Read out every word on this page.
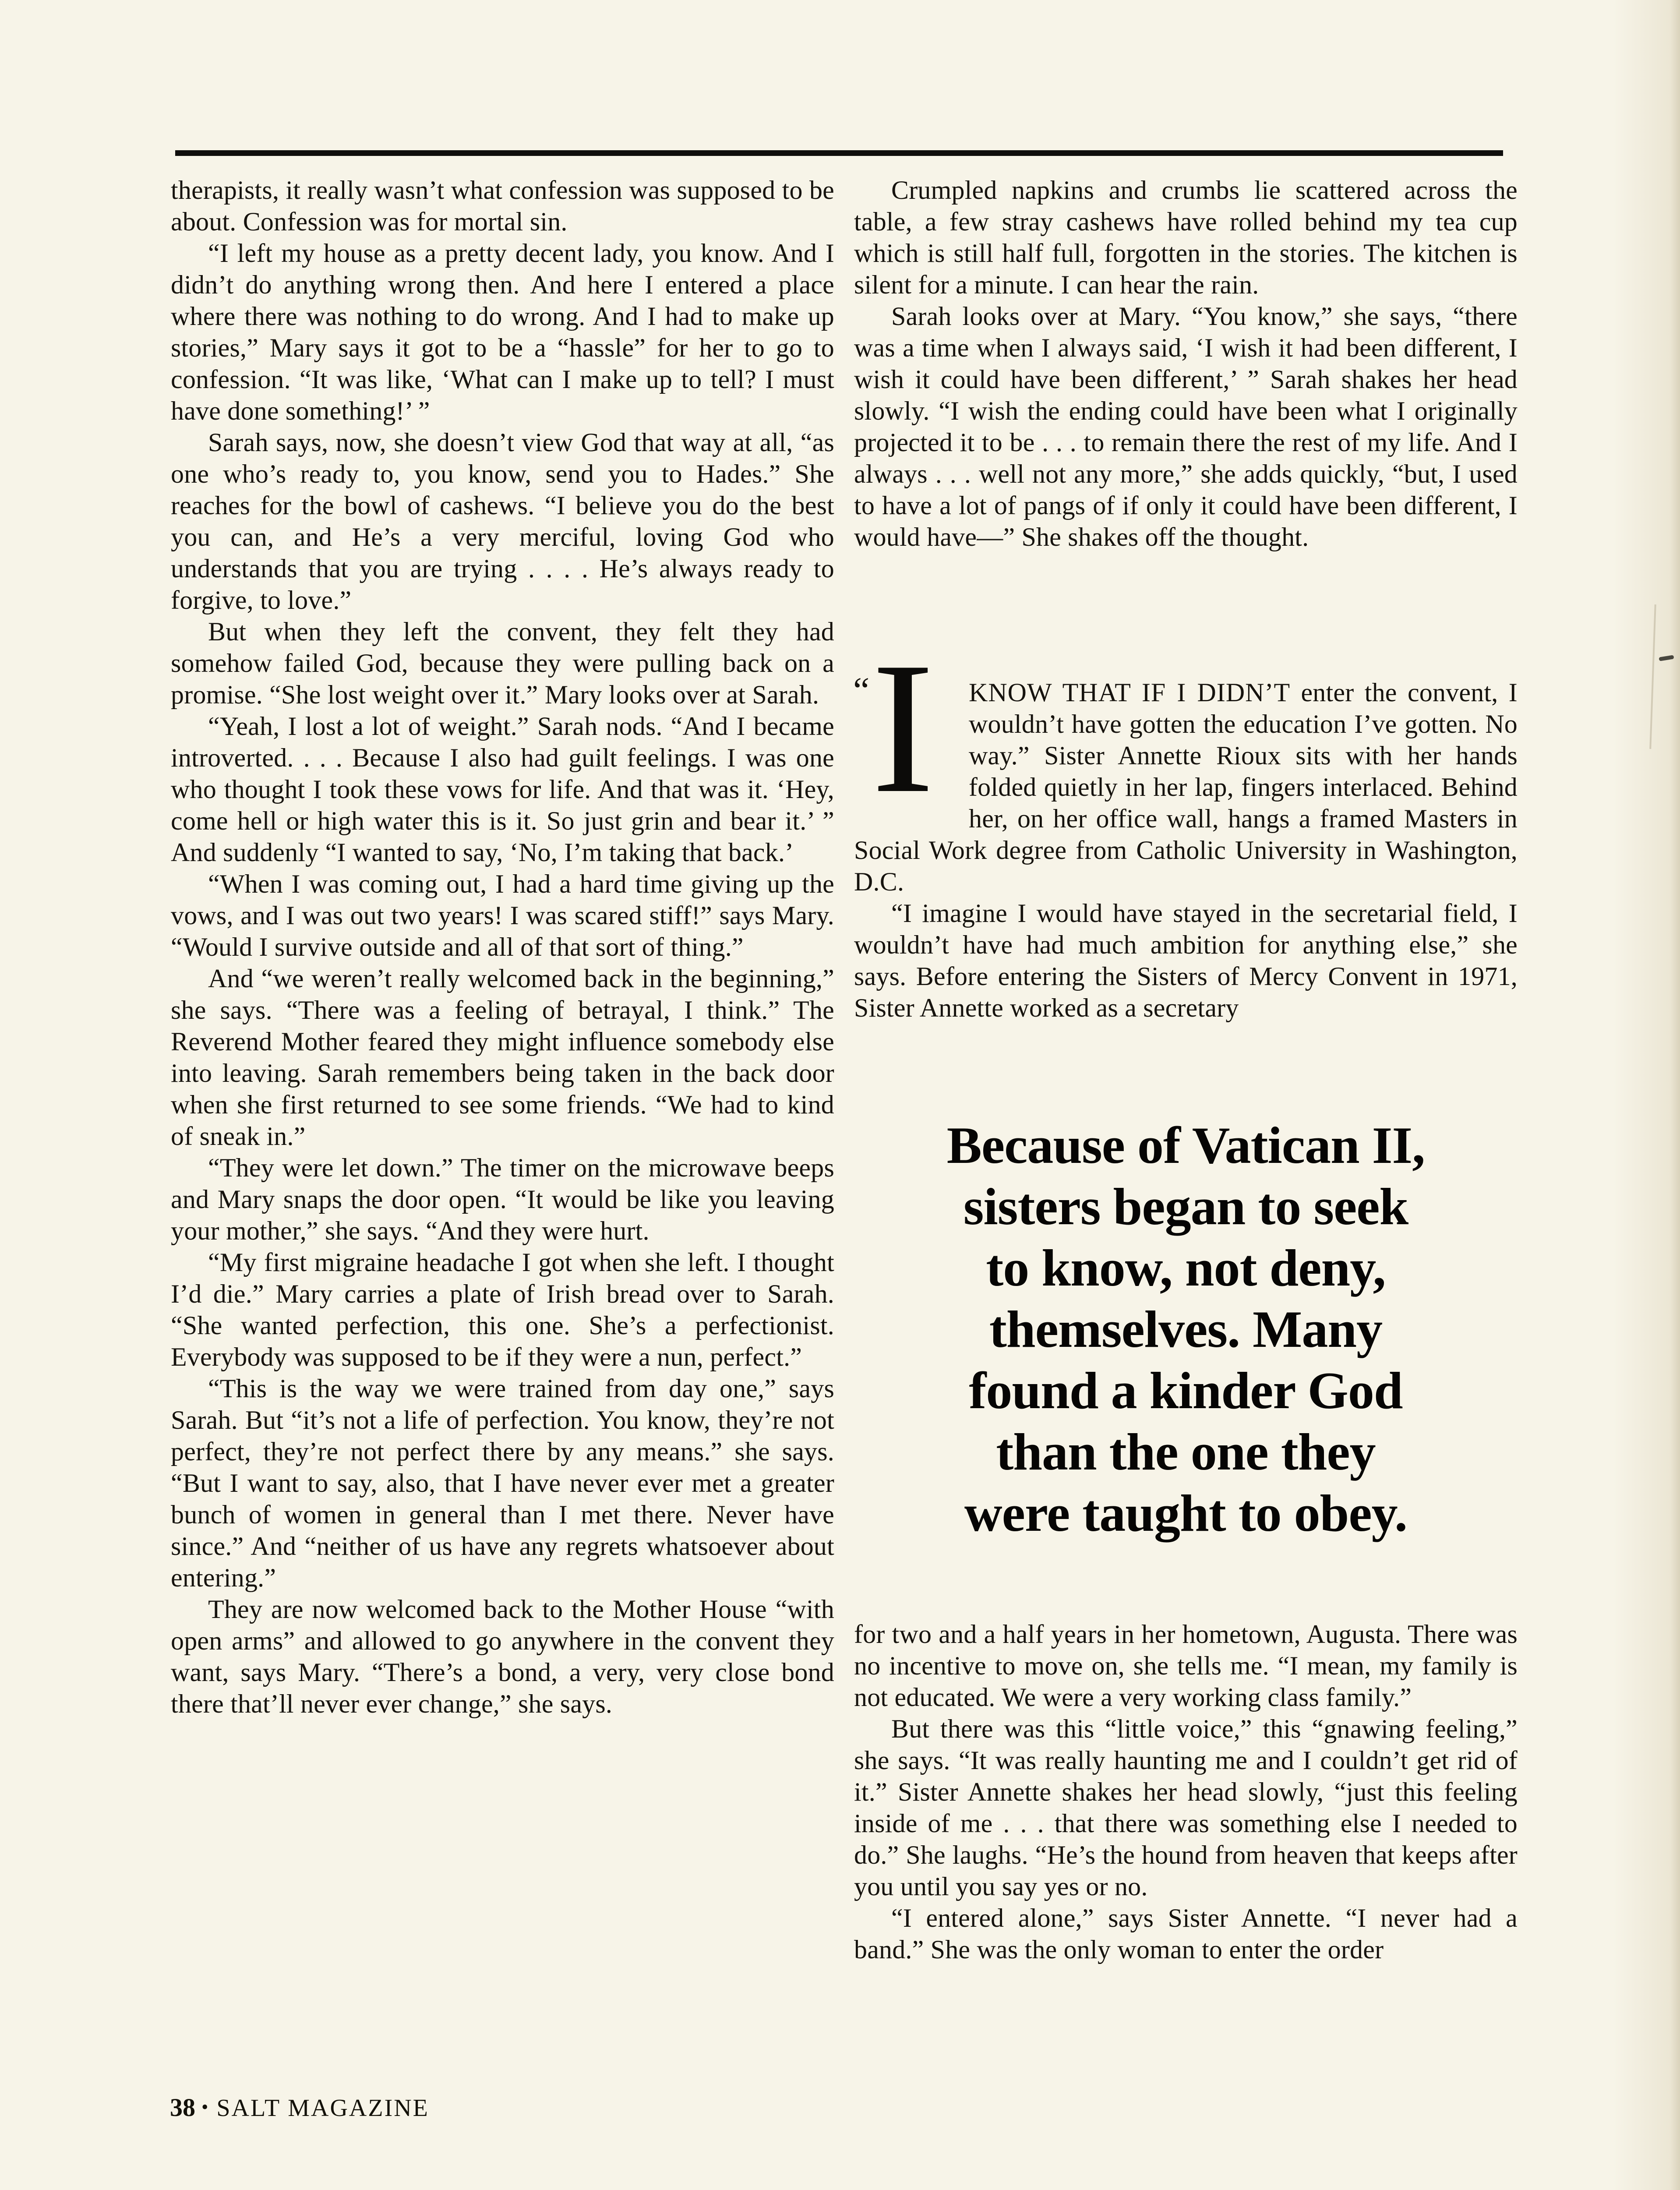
therapists, it really wasn’t what confession was supposed to be about. Confession was for mortal sin.

“I left my house as a pretty decent lady, you know. And I didn’t do anything wrong then. And here I entered a place where there was nothing to do wrong. And I had to make up stories,” Mary says it got to be a “hassle” for her to go to confession. “It was like, ‘What can I make up to tell? I must have done something!’ ”

Sarah says, now, she doesn’t view God that way at all, “as one who’s ready to, you know, send you to Hades.” She reaches for the bowl of cashews. “I believe you do the best you can, and He’s a very merciful, loving God who understands that you are trying . . . . He’s always ready to forgive, to love.”

But when they left the convent, they felt they had somehow failed God, because they were pulling back on a promise. “She lost weight over it.” Mary looks over at Sarah.

“Yeah, I lost a lot of weight.” Sarah nods. “And I became introverted. . . . Because I also had guilt feelings. I was one who thought I took these vows for life. And that was it. ‘Hey, come hell or high water this is it. So just grin and bear it.’ ” And suddenly “I wanted to say, ‘No, I’m taking that back.’

“When I was coming out, I had a hard time giving up the vows, and I was out two years! I was scared stiff!” says Mary. “Would I survive outside and all of that sort of thing.”

And “we weren’t really welcomed back in the beginning,” she says. “There was a feeling of betrayal, I think.” The Reverend Mother feared they might influence somebody else into leaving. Sarah remembers being taken in the back door when she first returned to see some friends. “We had to kind of sneak in.”

“They were let down.” The timer on the microwave beeps and Mary snaps the door open. “It would be like you leaving your mother,” she says. “And they were hurt.

“My first migraine headache I got when she left. I thought I’d die.” Mary carries a plate of Irish bread over to Sarah. “She wanted perfection, this one. She’s a perfectionist. Everybody was supposed to be if they were a nun, perfect.”

“This is the way we were trained from day one,” says Sarah. But “it’s not a life of perfection. You know, they’re not perfect, they’re not perfect there by any means.” she says. “But I want to say, also, that I have never ever met a greater bunch of women in general than I met there. Never have since.” And “neither of us have any regrets whatsoever about entering.”

They are now welcomed back to the Mother House “with open arms” and allowed to go anywhere in the convent they want, says Mary. “There’s a bond, a very, very close bond there that’ll never ever change,” she says.

Crumpled napkins and crumbs lie scattered across the table, a few stray cashews have rolled behind my tea cup which is still half full, forgotten in the stories. The kitchen is silent for a minute. I can hear the rain.

Sarah looks over at Mary. “You know,” she says, “there was a time when I always said, ‘I wish it had been different, I wish it could have been different,’ ” Sarah shakes her head slowly. “I wish the ending could have been what I originally projected it to be . . . to remain there the rest of my life. And I always . . . well not any more,” she adds quickly, “but, I used to have a lot of pangs of if only it could have been different, I would have—” She shakes off the thought.

“ I KNOW THAT IF I DIDN’T enter the convent, I wouldn’t have gotten the education I’ve gotten. No way.” Sister Annette Rioux sits with her hands folded quietly in her lap, fingers interlaced. Behind her, on her office wall, hangs a framed Masters in Social Work degree from Catholic University in Washington, D.C.

“I imagine I would have stayed in the secretarial field, I wouldn’t have had much ambition for anything else,” she says. Before entering the Sisters of Mercy Convent in 1971, Sister Annette worked as a secretary

Because of Vatican II,
sisters began to seek
to know, not deny,
themselves. Many
found a kinder God
than the one they
were taught to obey.

for two and a half years in her hometown, Augusta. There was no incentive to move on, she tells me. “I mean, my family is not educated. We were a very working class family.”

But there was this “little voice,” this “gnawing feeling,” she says. “It was really haunting me and I couldn’t get rid of it.” Sister Annette shakes her head slowly, “just this feeling inside of me . . . that there was something else I needed to do.” She laughs. “He’s the hound from heaven that keeps after you until you say yes or no.

“I entered alone,” says Sister Annette. “I never had a band.” She was the only woman to enter the order

38 • SALT MAGAZINE
